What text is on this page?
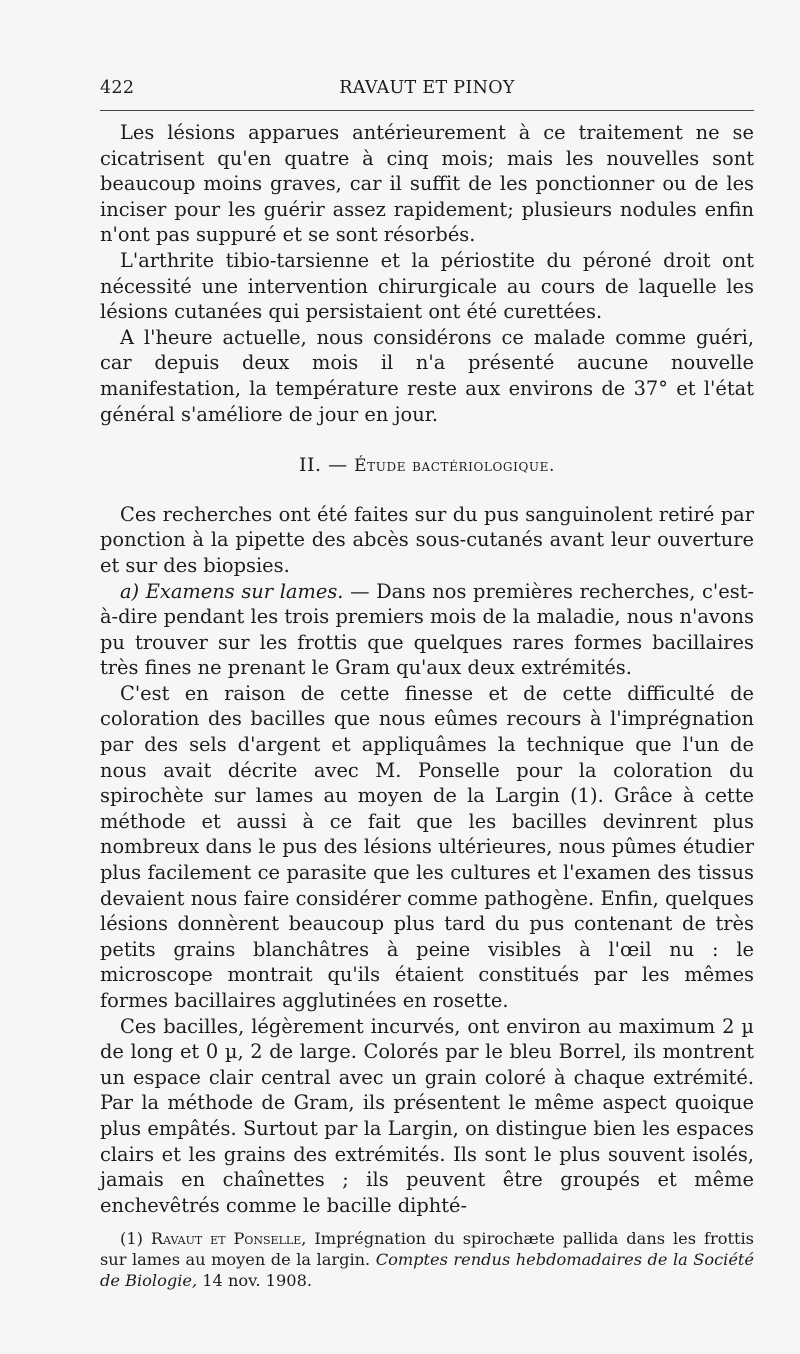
422	RAVAUT ET PINOY

Les lésions apparues antérieurement à ce traitement ne se cicatrisent qu'en quatre à cinq mois; mais les nouvelles sont beaucoup moins graves, car il suffit de les ponctionner ou de les inciser pour les guérir assez rapidement; plusieurs nodules enfin n'ont pas suppuré et se sont résorbés.

L'arthrite tibio-tarsienne et la périostite du péroné droit ont nécessité une intervention chirurgicale au cours de laquelle les lésions cutanées qui persistaient ont été curettées.

A l'heure actuelle, nous considérons ce malade comme guéri, car depuis deux mois il n'a présenté aucune nouvelle manifestation, la température reste aux environs de 37° et l'état général s'améliore de jour en jour.

II. — Étude bactériologique.

Ces recherches ont été faites sur du pus sanguinolent retiré par ponction à la pipette des abcès sous-cutanés avant leur ouverture et sur des biopsies.

a) Examens sur lames. — Dans nos premières recherches, c'est-à-dire pendant les trois premiers mois de la maladie, nous n'avons pu trouver sur les frottis que quelques rares formes bacillaires très fines ne prenant le Gram qu'aux deux extrémités.

C'est en raison de cette finesse et de cette difficulté de coloration des bacilles que nous eûmes recours à l'imprégnation par des sels d'argent et appliquâmes la technique que l'un de nous avait décrite avec M. Ponselle pour la coloration du spirochète sur lames au moyen de la Largin (1). Grâce à cette méthode et aussi à ce fait que les bacilles devinrent plus nombreux dans le pus des lésions ultérieures, nous pûmes étudier plus facilement ce parasite que les cultures et l'examen des tissus devaient nous faire considérer comme pathogène. Enfin, quelques lésions donnèrent beaucoup plus tard du pus contenant de très petits grains blanchâtres à peine visibles à l'œil nu : le microscope montrait qu'ils étaient constitués par les mêmes formes bacillaires agglutinées en rosette.

Ces bacilles, légèrement incurvés, ont environ au maximum 2 µ de long et 0 µ, 2 de large. Colorés par le bleu Borrel, ils montrent un espace clair central avec un grain coloré à chaque extrémité. Par la méthode de Gram, ils présentent le même aspect quoique plus empâtés. Surtout par la Largin, on distingue bien les espaces clairs et les grains des extrémités. Ils sont le plus souvent isolés, jamais en chaînettes ; ils peuvent être groupés et même enchevêtrés comme le bacille diphté-

(1) Ravaut et Ponselle, Imprégnation du spirochæte pallida dans les frottis sur lames au moyen de la largin. Comptes rendus hebdomadaires de la Société de Biologie, 14 nov. 1908.
